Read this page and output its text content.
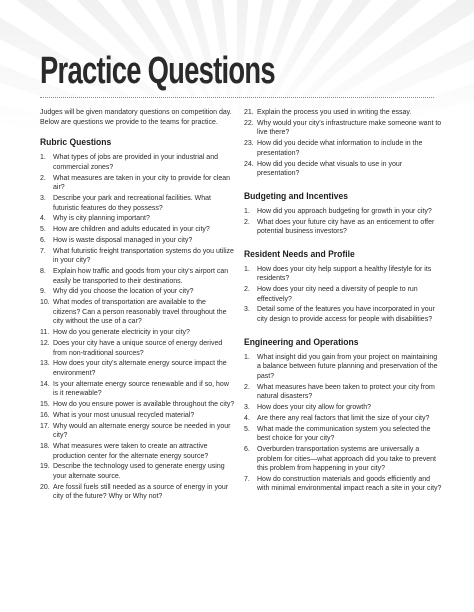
Practice Questions

Judges will be given mandatory questions on competition day. Below are questions we provide to the teams for practice.

Rubric Questions
1.	What types of jobs are provided in your industrial and commercial zones?
2.	What measures are taken in your city to provide for clean air?
3.	Describe your park and recreational facilities. What futuristic features do they possess?
4.	Why is city planning important?
5.	How are children and adults educated in your city?
6.	How is waste disposal managed in your city?
7.	What futuristic freight transportation systems do you utilize in your city?
8.	Explain how traffic and goods from your city's airport can easily be transported to their destinations.
9.	Why did you choose the location of your city?
10. What modes of transportation are available to the citizens? Can a person reasonably travel throughout the city without the use of a car?
11. How do you generate electricity in your city?
12. Does your city have a unique source of energy derived from non-traditional sources?
13. How does your city's alternate energy source impact the environment?
14. Is your alternate energy source renewable and if so, how is it renewable?
15. How do you ensure power is available throughout the city?
16. What is your most unusual recycled material?
17. Why would an alternate energy source be needed in your city?
18. What measures were taken to create an attractive production center for the alternate energy source?
19. Describe the technology used to generate energy using your alternate source.
20. Are fossil fuels still needed as a source of energy in your city of the future? Why or Why not?
21. Explain the process you used in writing the essay.
22. Why would your city's infrastructure make someone want to live there?
23. How did you decide what information to include in the presentation?
24. How did you decide what visuals to use in your presentation?
Budgeting and Incentives
1.	How did you approach budgeting for growth in your city?
2.	What does your future city have as an enticement to offer potential business investors?
Resident Needs and Profile
1.	How does your city help support a healthy lifestyle for its residents?
2.	How does your city need a diversity of people to run effectively?
3.	Detail some of the features you have incorporated in your city design to provide access for people with disabilities?
Engineering and Operations
1.	What insight did you gain from your project on maintaining a balance between future planning and preservation of the past?
2.	What measures have been taken to protect your city from natural disasters?
3.	How does your city allow for growth?
4.	Are there any real factors that limit the size of your city?
5.	What made the communication system you selected the best choice for your city?
6.	Overburden transportation systems are universally a problem for cities—what approach did you take to prevent this problem from happening in your city?
7.	How do construction materials and goods efficiently and with minimal environmental impact reach a site in your city?
